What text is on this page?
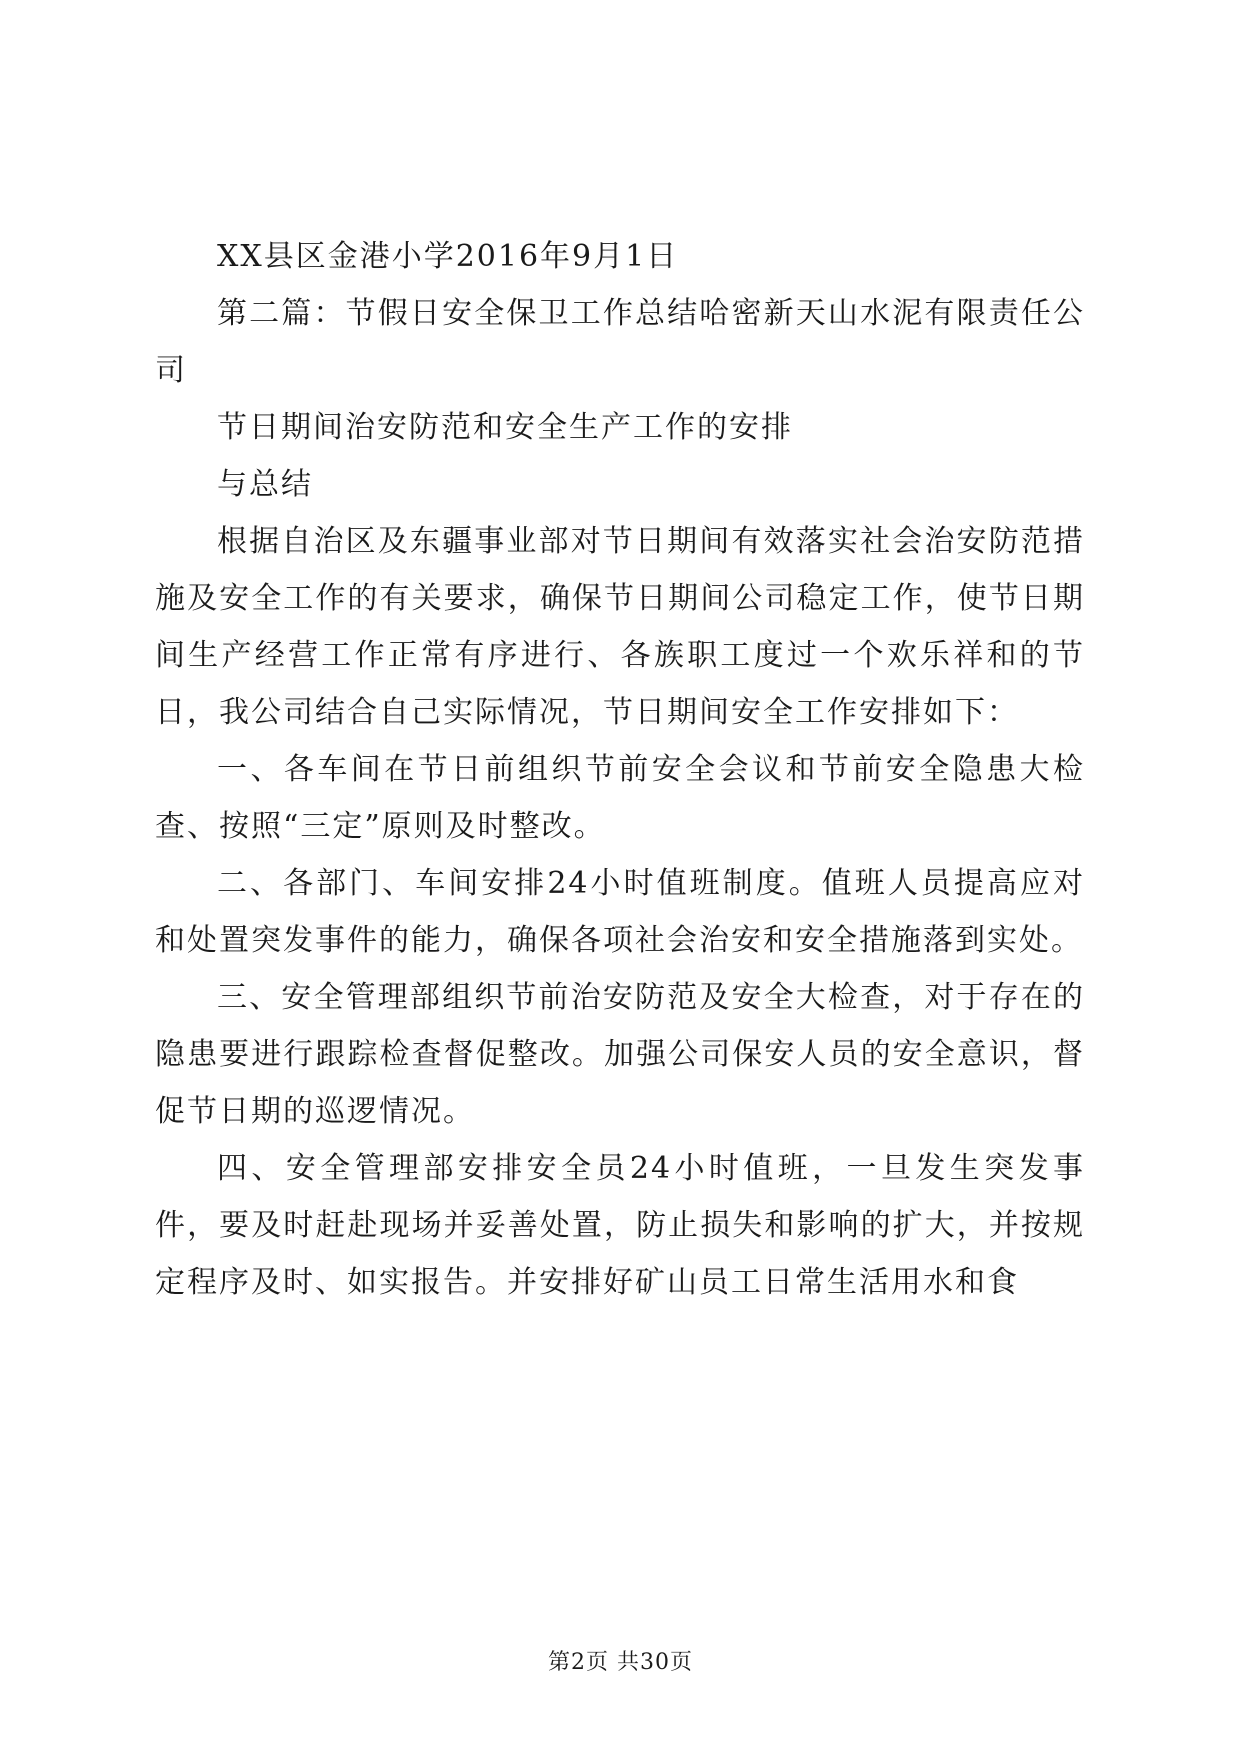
XX县区金港小学2016年9月1日

第二篇：节假日安全保卫工作总结哈密新天山水泥有限责任公司

节日期间治安防范和安全生产工作的安排

与总结

根据自治区及东疆事业部对节日期间有效落实社会治安防范措施及安全工作的有关要求，确保节日期间公司稳定工作，使节日期间生产经营工作正常有序进行、各族职工度过一个欢乐祥和的节日，我公司结合自己实际情况，节日期间安全工作安排如下：

一、各车间在节日前组织节前安全会议和节前安全隐患大检查、按照“三定”原则及时整改。

二、各部门、车间安排24小时值班制度。值班人员提高应对和处置突发事件的能力，确保各项社会治安和安全措施落到实处。

三、安全管理部组织节前治安防范及安全大检查，对于存在的隐患要进行跟踪检查督促整改。加强公司保安人员的安全意识，督促节日期的巡逻情况。

四、安全管理部安排安全员24小时值班，一旦发生突发事件，要及时赶赴现场并妥善处置，防止损失和影响的扩大，并按规定程序及时、如实报告。并安排好矿山员工日常生活用水和食

第2页 共30页
